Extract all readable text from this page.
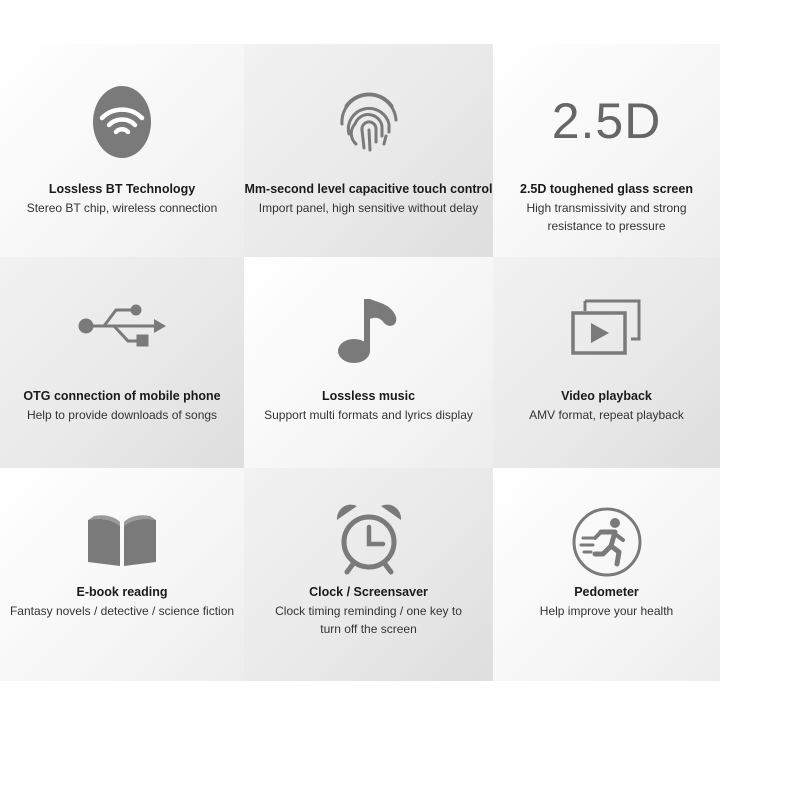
Lossless BT Technology
Stereo BT chip, wireless connection
Mm-second level capacitive touch control
Import panel, high sensitive without delay
2.5D
2.5D toughened glass screen
High transmissivity and strong resistance to pressure
OTG connection of mobile phone
Help to provide downloads of songs
Lossless music
Support multi formats and lyrics display
Video playback
AMV format, repeat playback
E-book reading
Fantasy novels / detective / science fiction
Clock / Screensaver
Clock timing reminding / one key to turn off the screen
Pedometer
Help improve your health
